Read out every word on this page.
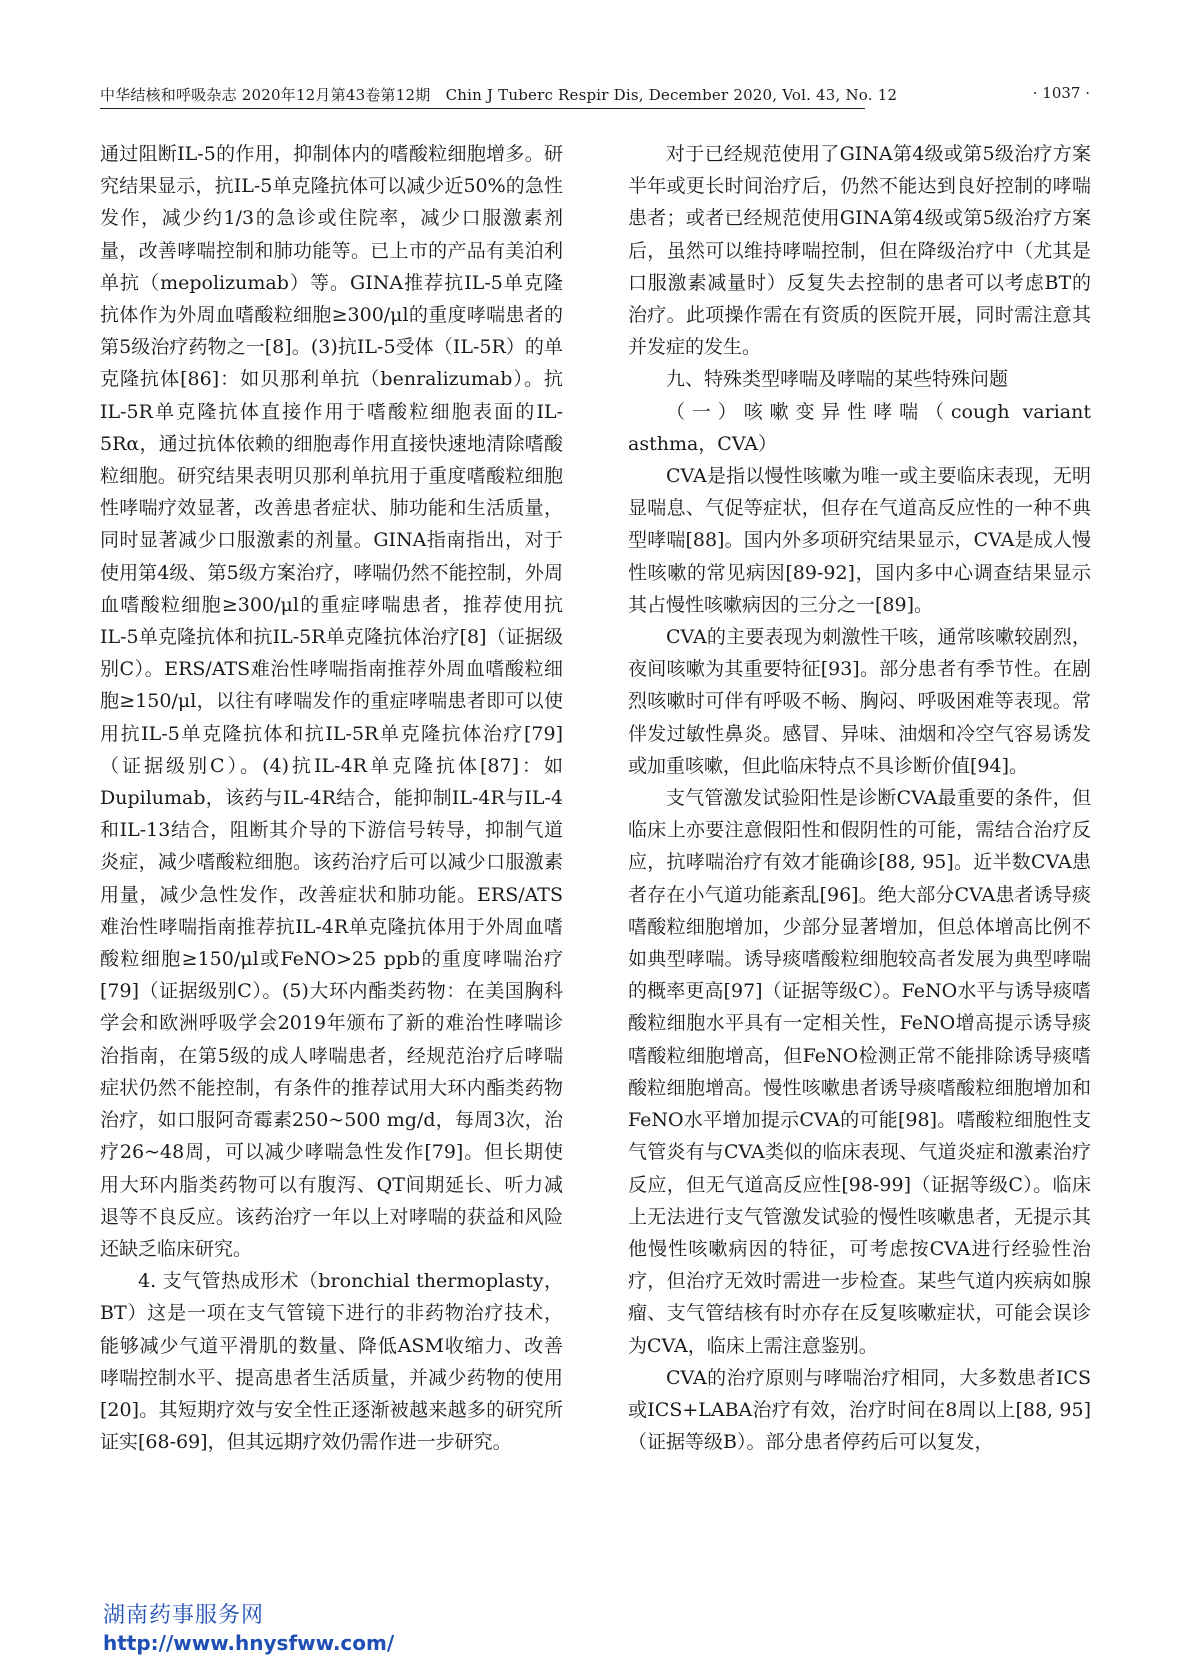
中华结核和呼吸杂志 2020年12月第43卷第12期　Chin J Tuberc Respir Dis, December 2020, Vol. 43, No. 12	· 1037 ·

通过阻断IL-5的作用，抑制体内的嗜酸粒细胞增多。研究结果显示，抗IL-5单克隆抗体可以减少近50%的急性发作，减少约1/3的急诊或住院率，减少口服激素剂量，改善哮喘控制和肺功能等。已上市的产品有美泊利单抗（mepolizumab）等。GINA推荐抗IL-5单克隆抗体作为外周血嗜酸粒细胞≥300/μl的重度哮喘患者的第5级治疗药物之一[8]。(3)抗IL-5受体（IL-5R）的单克隆抗体[86]：如贝那利单抗（benralizumab）。抗IL-5R单克隆抗体直接作用于嗜酸粒细胞表面的IL-5Rα，通过抗体依赖的细胞毒作用直接快速地清除嗜酸粒细胞。研究结果表明贝那利单抗用于重度嗜酸粒细胞性哮喘疗效显著，改善患者症状、肺功能和生活质量，同时显著减少口服激素的剂量。GINA指南指出，对于使用第4级、第5级方案治疗，哮喘仍然不能控制，外周血嗜酸粒细胞≥300/μl的重症哮喘患者，推荐使用抗IL-5单克隆抗体和抗IL-5R单克隆抗体治疗[8]（证据级别C）。ERS/ATS难治性哮喘指南推荐外周血嗜酸粒细胞≥150/μl，以往有哮喘发作的重症哮喘患者即可以使用抗IL-5单克隆抗体和抗IL-5R单克隆抗体治疗[79]（证据级别C）。(4)抗IL-4R单克隆抗体[87]：如Dupilumab，该药与IL-4R结合，能抑制IL-4R与IL-4和IL-13结合，阻断其介导的下游信号转导，抑制气道炎症，减少嗜酸粒细胞。该药治疗后可以减少口服激素用量，减少急性发作，改善症状和肺功能。ERS/ATS难治性哮喘指南推荐抗IL-4R单克隆抗体用于外周血嗜酸粒细胞≥150/μl或FeNO>25 ppb的重度哮喘治疗[79]（证据级别C）。(5)大环内酯类药物：在美国胸科学会和欧洲呼吸学会2019年颁布了新的难治性哮喘诊治指南，在第5级的成人哮喘患者，经规范治疗后哮喘症状仍然不能控制，有条件的推荐试用大环内酯类药物治疗，如口服阿奇霉素250~500 mg/d，每周3次，治疗26~48周，可以减少哮喘急性发作[79]。但长期使用大环内脂类药物可以有腹泻、QT间期延长、听力减退等不良反应。该药治疗一年以上对哮喘的获益和风险还缺乏临床研究。

4. 支气管热成形术（bronchial thermoplasty，BT）这是一项在支气管镜下进行的非药物治疗技术，能够减少气道平滑肌的数量、降低ASM收缩力、改善哮喘控制水平、提高患者生活质量，并减少药物的使用[20]。其短期疗效与安全性正逐渐被越来越多的研究所证实[68-69]，但其远期疗效仍需作进一步研究。

对于已经规范使用了GINA第4级或第5级治疗方案半年或更长时间治疗后，仍然不能达到良好控制的哮喘患者；或者已经规范使用GINA第4级或第5级治疗方案后，虽然可以维持哮喘控制，但在降级治疗中（尤其是口服激素减量时）反复失去控制的患者可以考虑BT的治疗。此项操作需在有资质的医院开展，同时需注意其并发症的发生。

九、特殊类型哮喘及哮喘的某些特殊问题

（一）咳嗽变异性哮喘（cough variant asthma，CVA）

CVA是指以慢性咳嗽为唯一或主要临床表现，无明显喘息、气促等症状，但存在气道高反应性的一种不典型哮喘[88]。国内外多项研究结果显示，CVA是成人慢性咳嗽的常见病因[89-92]，国内多中心调查结果显示其占慢性咳嗽病因的三分之一[89]。

CVA的主要表现为刺激性干咳，通常咳嗽较剧烈，夜间咳嗽为其重要特征[93]。部分患者有季节性。在剧烈咳嗽时可伴有呼吸不畅、胸闷、呼吸困难等表现。常伴发过敏性鼻炎。感冒、异味、油烟和冷空气容易诱发或加重咳嗽，但此临床特点不具诊断价值[94]。

支气管激发试验阳性是诊断CVA最重要的条件，但临床上亦要注意假阳性和假阴性的可能，需结合治疗反应，抗哮喘治疗有效才能确诊[88, 95]。近半数CVA患者存在小气道功能紊乱[96]。绝大部分CVA患者诱导痰嗜酸粒细胞增加，少部分显著增加，但总体增高比例不如典型哮喘。诱导痰嗜酸粒细胞较高者发展为典型哮喘的概率更高[97]（证据等级C）。FeNO水平与诱导痰嗜酸粒细胞水平具有一定相关性，FeNO增高提示诱导痰嗜酸粒细胞增高，但FeNO检测正常不能排除诱导痰嗜酸粒细胞增高。慢性咳嗽患者诱导痰嗜酸粒细胞增加和FeNO水平增加提示CVA的可能[98]。嗜酸粒细胞性支气管炎有与CVA类似的临床表现、气道炎症和激素治疗反应，但无气道高反应性[98-99]（证据等级C）。临床上无法进行支气管激发试验的慢性咳嗽患者，无提示其他慢性咳嗽病因的特征，可考虑按CVA进行经验性治疗，但治疗无效时需进一步检查。某些气道内疾病如腺瘤、支气管结核有时亦存在反复咳嗽症状，可能会误诊为CVA，临床上需注意鉴别。

CVA的治疗原则与哮喘治疗相同，大多数患者ICS或ICS+LABA治疗有效，治疗时间在8周以上[88, 95]（证据等级B）。部分患者停药后可以复发，

湖南药事服务网
http://www.hnysfww.com/
